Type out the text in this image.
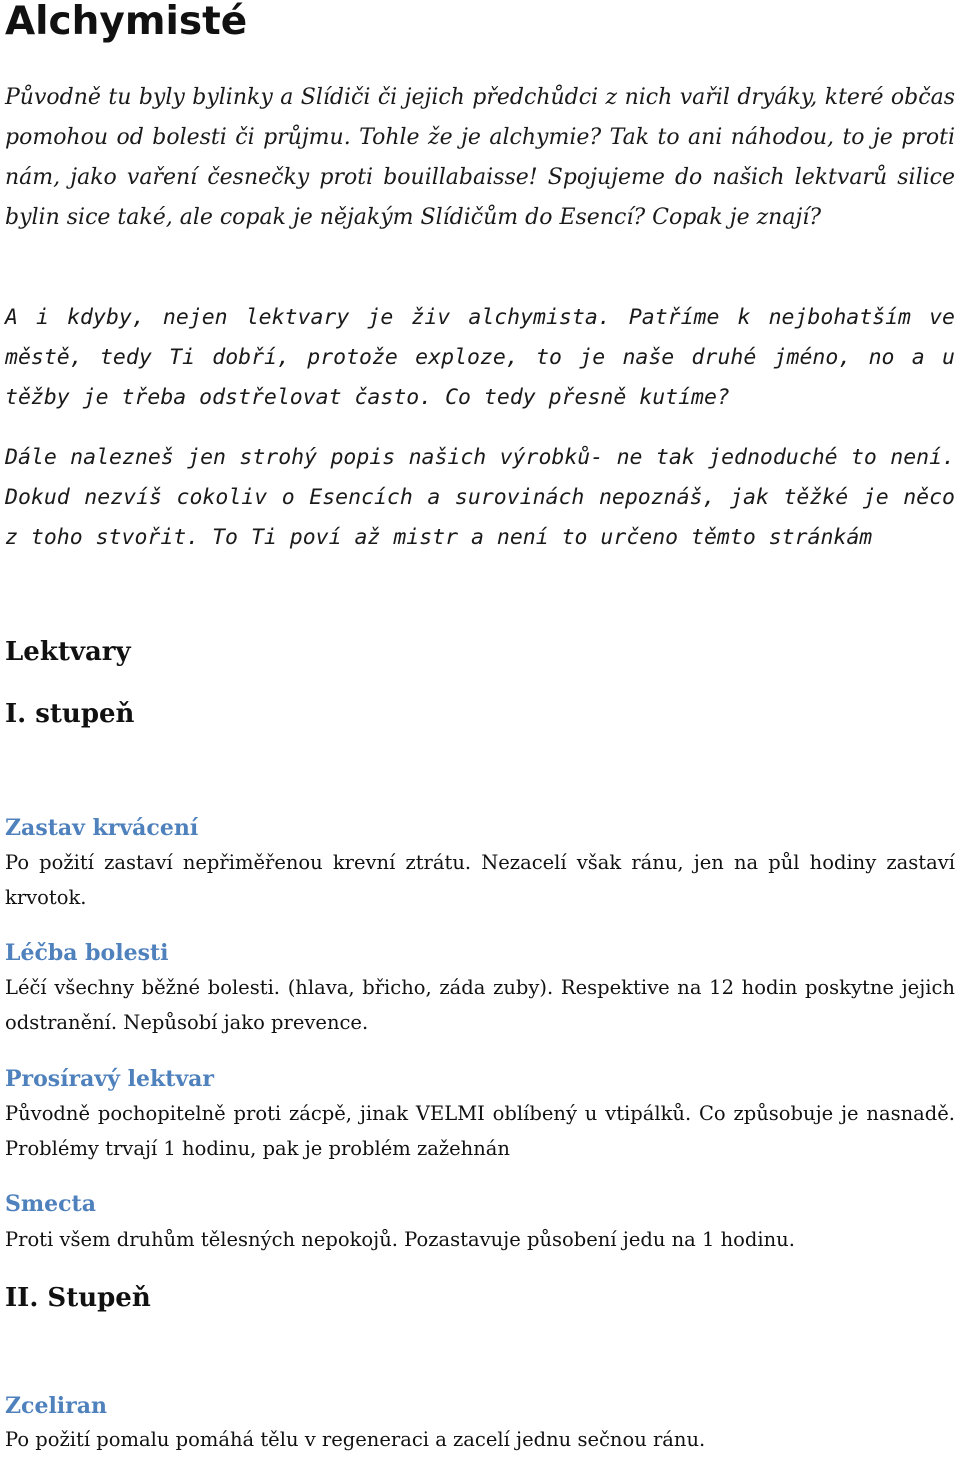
Alchymisté

Původně tu byly bylinky a Slídiči či jejich předchůdci z nich vařil dryáky, které občas pomohou od bolesti či průjmu. Tohle že je alchymie? Tak to ani náhodou, to je proti nám, jako vaření česnečky proti bouillabaisse! Spojujeme do našich lektvarů silice bylin sice také, ale copak je nějakým Slídičům do Esencí? Copak je znají?

A i kdyby, nejen lektvary je živ alchymista. Patříme k nejbohatším ve městě, tedy Ti dobří, protože exploze, to je naše druhé jméno, no a u těžby je třeba odstřelovat často. Co tedy přesně kutíme?

Dále nalezneš jen strohý popis našich výrobků- ne tak jednoduché to není. Dokud nezvíš cokoliv o Esencích a surovinách nepoznáš, jak těžké je něco z toho stvořit. To Ti poví až mistr a není to určeno těmto stránkám

Lektvary
I. stupeň
Zastav krvácení

Po požití zastaví nepřiměřenou krevní ztrátu. Nezacelí však ránu, jen na půl hodiny zastaví krvotok.

Léčba bolesti

Léčí všechny běžné bolesti. (hlava, břicho, záda zuby). Respektive na 12 hodin poskytne jejich odstranění. Nepůsobí jako prevence.

Prosíravý lektvar

Původně pochopitelně proti zácpě, jinak VELMI oblíbený u vtipálků. Co způsobuje je nasnadě. Problémy trvají 1 hodinu, pak je problém zažehnán

Smecta

Proti všem druhům tělesných nepokojů. Pozastavuje působení jedu na 1 hodinu.

II. Stupeň
Zceliran

Po požití pomalu pomáhá tělu v regeneraci a zacelí jednu sečnou ránu.
